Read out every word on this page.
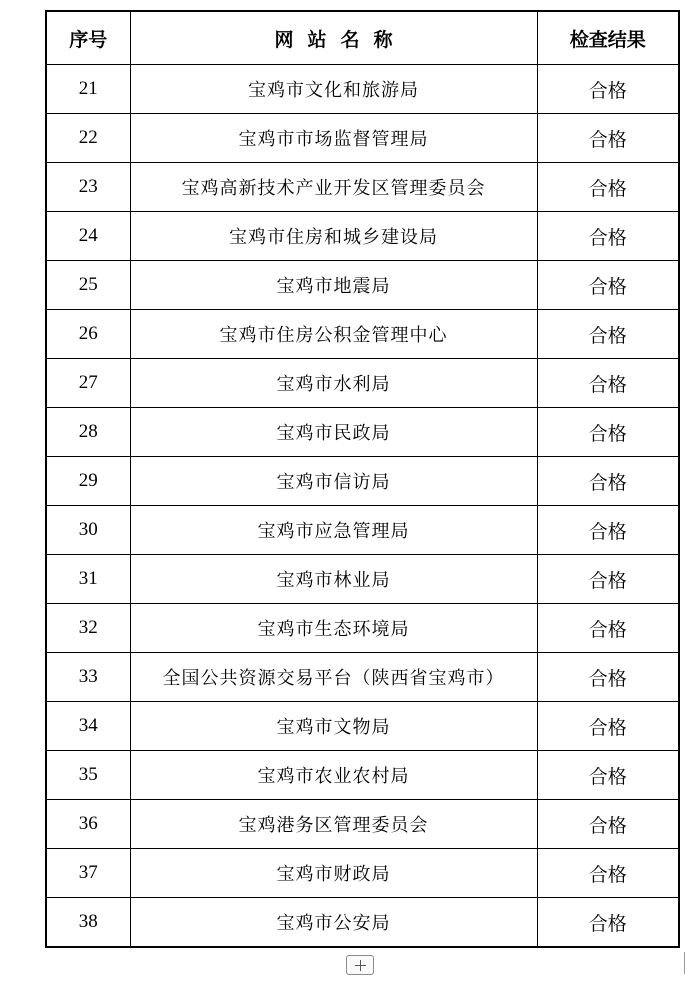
序号	网站名称	检查结果
21	宝鸡市文化和旅游局	合格
22	宝鸡市市场监督管理局	合格
23	宝鸡高新技术产业开发区管理委员会	合格
24	宝鸡市住房和城乡建设局	合格
25	宝鸡市地震局	合格
26	宝鸡市住房公积金管理中心	合格
27	宝鸡市水利局	合格
28	宝鸡市民政局	合格
29	宝鸡市信访局	合格
30	宝鸡市应急管理局	合格
31	宝鸡市林业局	合格
32	宝鸡市生态环境局	合格
33	全国公共资源交易平台（陕西省宝鸡市）	合格
34	宝鸡市文物局	合格
35	宝鸡市农业农村局	合格
36	宝鸡港务区管理委员会	合格
37	宝鸡市财政局	合格
38	宝鸡市公安局	合格
